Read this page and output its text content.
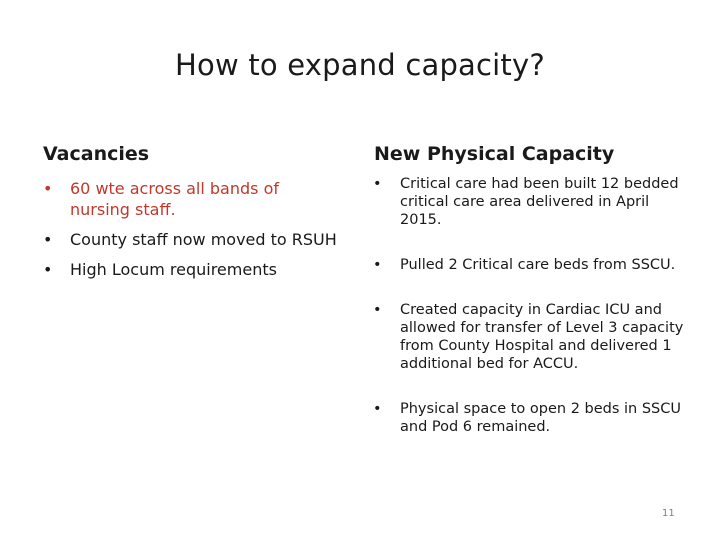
How to expand capacity?
Vacancies
• 60 wte across all bands of nursing staff.
• County staff now moved to RSUH
• High Locum requirements
New Physical Capacity
• Critical care had been built 12 bedded critical care area delivered in April 2015.
• Pulled 2 Critical care beds from SSCU.
• Created capacity in Cardiac ICU and allowed for transfer of Level 3 capacity from County Hospital and delivered 1 additional bed for ACCU.
• Physical space to open 2 beds in SSCU and Pod 6 remained.
11
